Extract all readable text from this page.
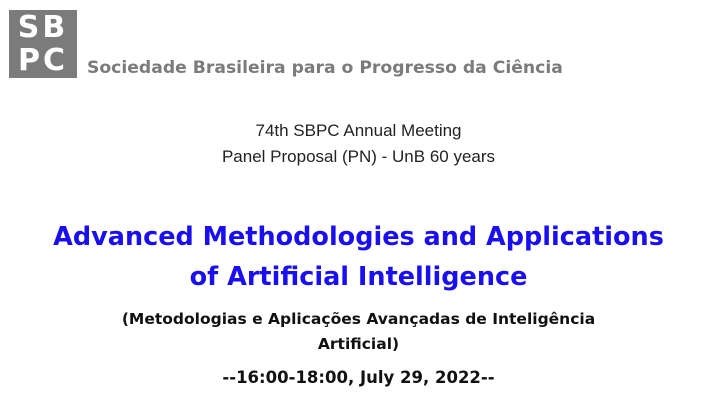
SB
PC	Sociedade Brasileira para o Progresso da Ciência
74th SBPC Annual Meeting
Panel Proposal (PN) - UnB 60 years
Advanced Methodologies and Applications
of Artificial Intelligence
(Metodologias e Aplicações Avançadas de Inteligência
Artificial)
--16:00-18:00, July 29, 2022--
